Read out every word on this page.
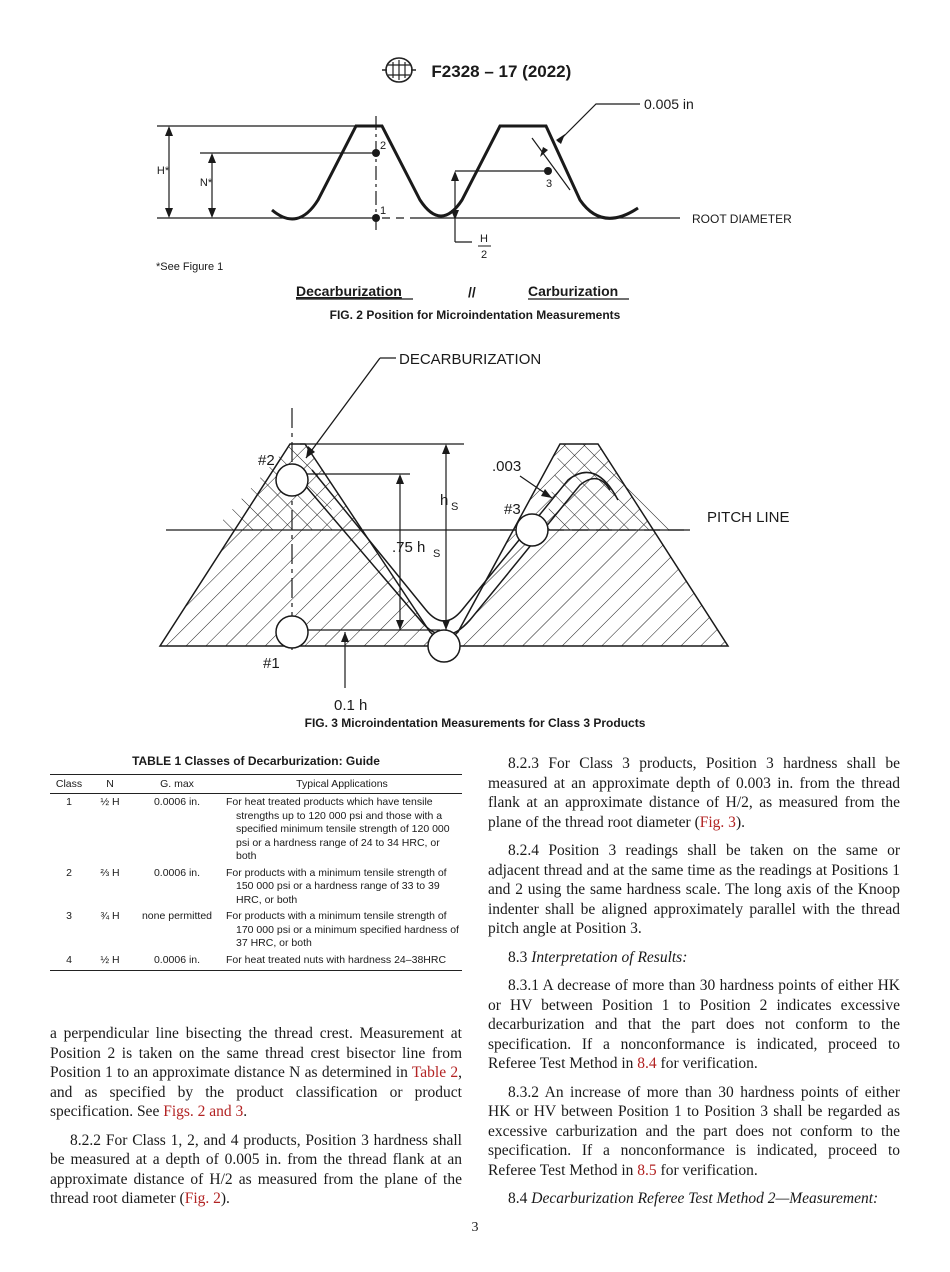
F2328 – 17 (2022)
0.005 in
H*
N*
2
1
3
ROOT DIAMETER
H
2
*See Figure 1
Decarburization	//	Carburization
FIG. 2 Position for Microindentation Measurements
DECARBURIZATION
#2
#3
#1
.003
h S
.75 h S
PITCH LINE
0.1 h
FIG. 3 Microindentation Measurements for Class 3 Products
TABLE 1 Classes of Decarburization: Guide
Class	N	G. max	Typical Applications
1	½ H	0.0006 in.	For heat treated products which have tensile strengths up to 120 000 psi and those with a specified minimum tensile strength of 120 000 psi or a hardness range of 24 to 34 HRC, or both
2	⅔ H	0.0006 in.	For products with a minimum tensile strength of 150 000 psi or a hardness range of 33 to 39 HRC, or both
3	¾ H	none permitted	For products with a minimum tensile strength of 170 000 psi or a minimum specified hardness of 37 HRC, or both
4	½ H	0.0006 in.	For heat treated nuts with hardness 24–38HRC

a perpendicular line bisecting the thread crest. Measurement at Position 2 is taken on the same thread crest bisector line from Position 1 to an approximate distance N as determined in Table 2, and as specified by the product classification or product specification. See Figs. 2 and 3.

8.2.2 For Class 1, 2, and 4 products, Position 3 hardness shall be measured at a depth of 0.005 in. from the thread flank at an approximate distance of H/2 as measured from the plane of the thread root diameter (Fig. 2).

8.2.3 For Class 3 products, Position 3 hardness shall be measured at an approximate depth of 0.003 in. from the thread flank at an approximate distance of H/2, as measured from the plane of the thread root diameter (Fig. 3).

8.2.4 Position 3 readings shall be taken on the same or adjacent thread and at the same time as the readings at Positions 1 and 2 using the same hardness scale. The long axis of the Knoop indenter shall be aligned approximately parallel with the thread pitch angle at Position 3.

8.3 Interpretation of Results:

8.3.1 A decrease of more than 30 hardness points of either HK or HV between Position 1 to Position 2 indicates excessive decarburization and that the part does not conform to the specification. If a nonconformance is indicated, proceed to Referee Test Method in 8.4 for verification.

8.3.2 An increase of more than 30 hardness points of either HK or HV between Position 1 to Position 3 shall be regarded as excessive carburization and the part does not conform to the specification. If a nonconformance is indicated, proceed to Referee Test Method in 8.5 for verification.

8.4 Decarburization Referee Test Method 2—Measurement:

3
